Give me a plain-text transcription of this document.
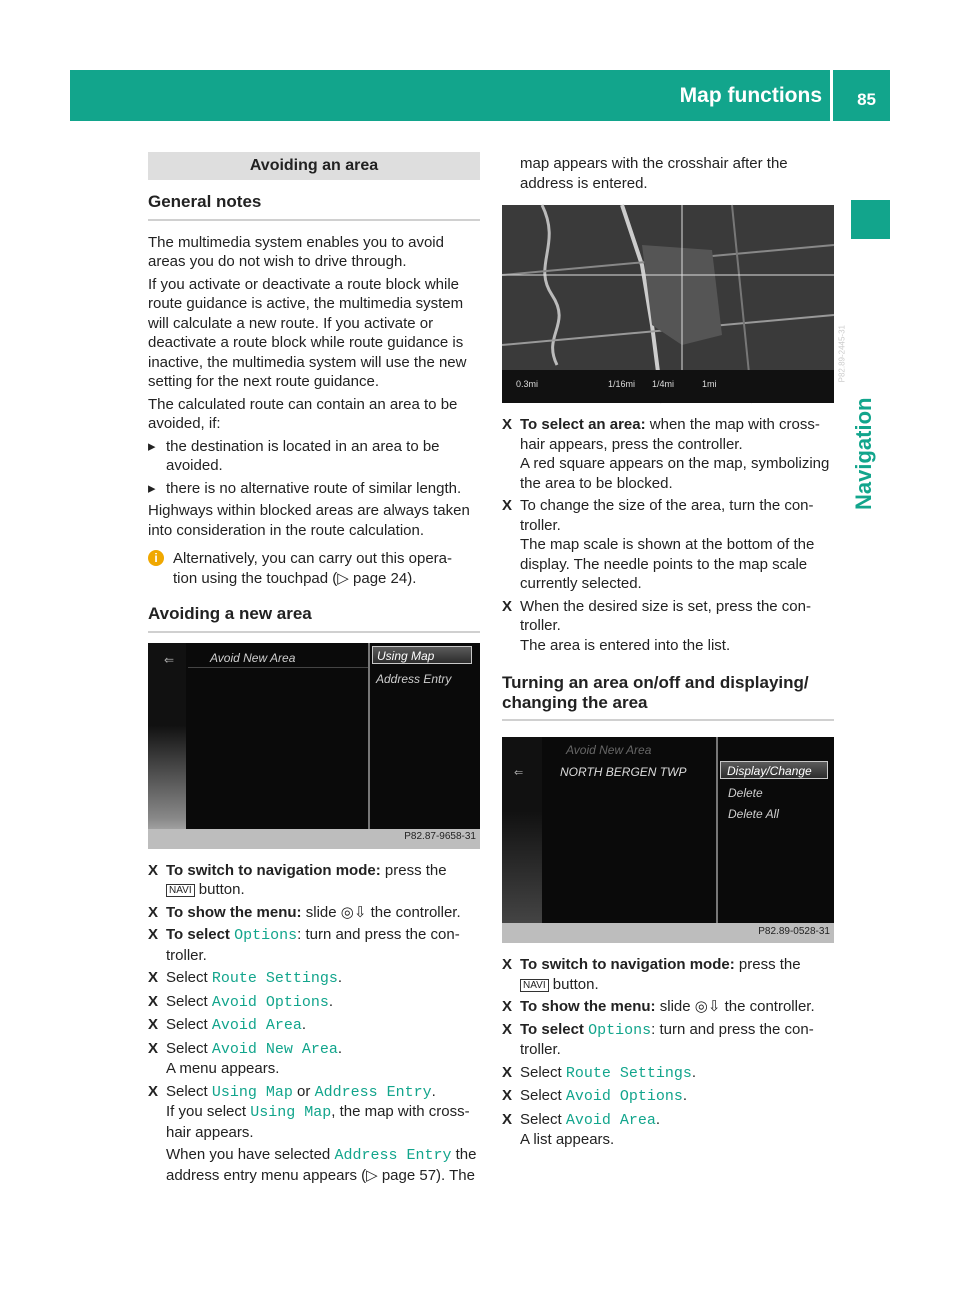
Map functions 85
Navigation
Avoiding an area
General notes

The multimedia system enables you to avoid areas you do not wish to drive through.

If you activate or deactivate a route block while route guidance is active, the multimedia system will calculate a new route. If you activate or deactivate a route block while route guidance is inactive, the multimedia system will use the new setting for the next route guidance.

The calculated route can contain an area to be avoided, if:

▸ the destination is located in an area to be avoided.
▸ there is no alternative route of similar length.

Highways within blocked areas are always taken into consideration in the route calculation.

i	Alternatively, you can carry out this opera- tion using the touchpad (▷ page 24).
Avoiding a new area
⇐	Avoid New Area	Using Map
Address Entry
P82.87-9658-31
X To switch to navigation mode: press the
NAVI button.
X To show the menu: slide ◎⇩ the controller.
X To select Options: turn and press the con- troller.
X Select Route Settings.
X Select Avoid Options.
X Select Avoid Area.
X Select Avoid New Area.
A menu appears.
X Select Using Map or Address Entry.
If you select Using Map, the map with cross- hair appears.
When you have selected Address Entry the address entry menu appears (▷ page 57). The

map appears with the crosshair after the address is entered.

0.3mi	1/16mi 1/4mi	1mi
P82.89-2445-31
X To select an area: when the map with cross- hair appears, press the controller.
A red square appears on the map, symbolizing the area to be blocked.
X To change the size of the area, turn the con- troller.
The map scale is shown at the bottom of the display. The needle points to the map scale currently selected.
X When the desired size is set, press the con- troller.
The area is entered into the list.
Turning an area on/off and displaying/ changing the area
Avoid New Area
⇐	NORTH BERGEN TWP	Display/Change
Delete
Delete All
P82.89-0528-31
X To switch to navigation mode: press the
NAVI button.
X To show the menu: slide ◎⇩ the controller.
X To select Options: turn and press the con- troller.
X Select Route Settings.
X Select Avoid Options.
X Select Avoid Area.
A list appears.
